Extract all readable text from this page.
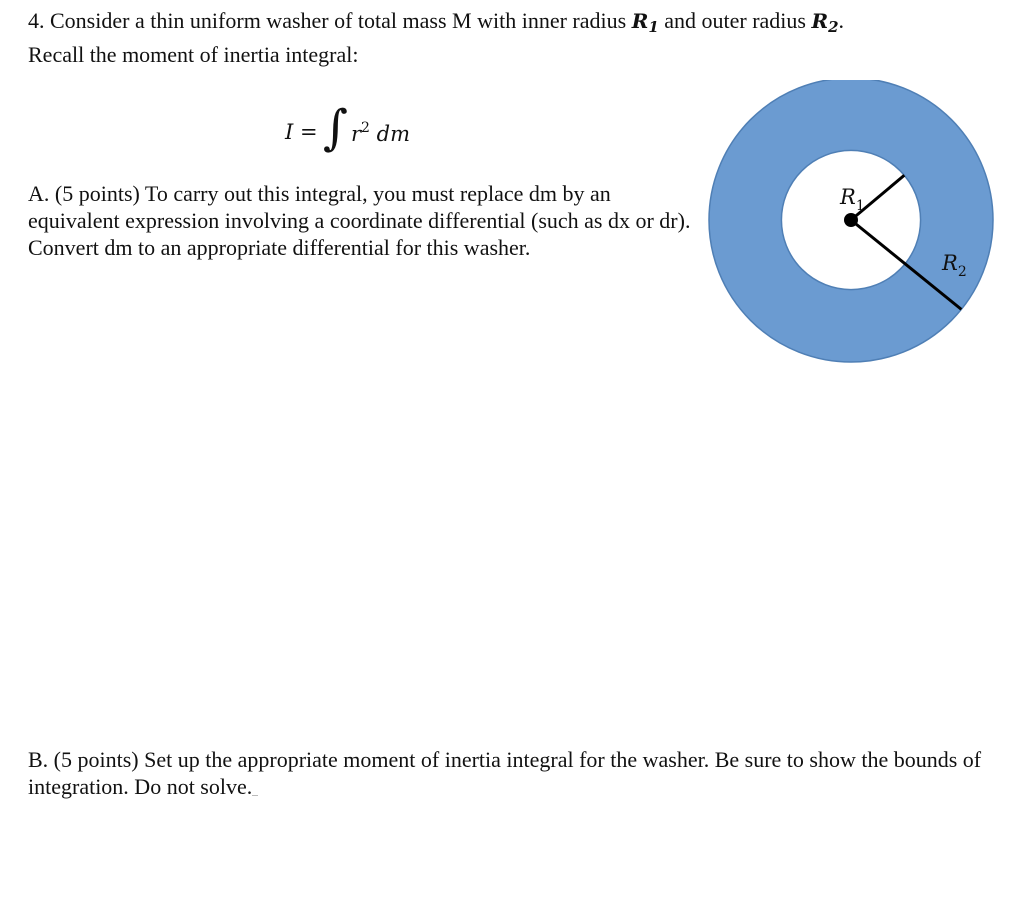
4. Consider a thin uniform washer of total mass M with inner radius $R_1$ and outer radius $R_2$.
Recall the moment of inertia integral:

I = ∫ $r^2$ dm

A. (5 points) To carry out this integral, you must replace dm by an equivalent expression involving a coordinate differential (such as dx or dr). Convert dm to an appropriate differential for this washer.

$R_1$
$R_2$

B. (5 points) Set up the appropriate moment of inertia integral for the washer. Be sure to show the bounds of integration. Do not solve.
